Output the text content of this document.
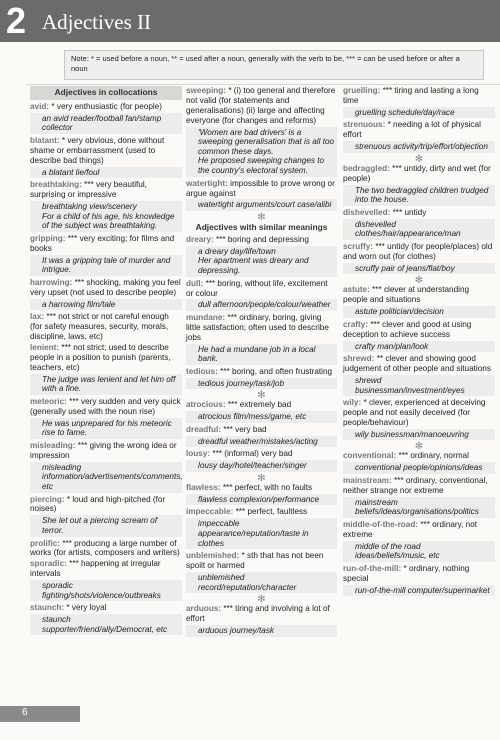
2 Adjectives II
Note: * = used before a noun, ** = used after a noun, generally with the verb to be, *** = can be used before or after a noun
Adjectives in collocations
avid: * very enthusiastic (for people)
an avid reader/football fan/stamp collector
blatant: * very obvious, done without shame or embarrassment (used to describe bad things)
a blatant lie/foul
breathtaking: *** very beautiful, surprising or impressive
breathtaking view/scenery
For a child of his age, his knowledge of the subject was breathtaking.
gripping: *** very exciting; for films and books
It was a gripping tale of murder and intrigue.
harrowing: *** shocking, making you feel very upset (not used to describe people)
a harrowing film/tale
lax: *** not strict or not careful enough (for safety measures, security, morals, discipline, laws, etc)
lenient: *** not strict; used to describe people in a position to punish (parents, teachers, etc)
The judge was lenient and let him off with a fine.
meteoric: *** very sudden and very quick (generally used with the noun rise)
He was unprepared for his meteoric rise to fame.
misleading: *** giving the wrong idea or impression
misleading information/advertisements/comments, etc
piercing: * loud and high-pitched (for noises)
She let out a piercing scream of terror.
prolific: *** producing a large number of works (for artists, composers and writers)
sporadic: *** happening at irregular intervals
sporadic fighting/shots/violence/outbreaks
staunch: * very loyal
staunch supporter/friend/ally/Democrat, etc
sweeping: * (i) too general and therefore not valid (for statements and generalisations) (ii) large and affecting everyone (for changes and reforms)
'Women are bad drivers' is a sweeping generalisation that is all too common these days.
He proposed sweeping changes to the country's electoral system.
watertight: impossible to prove wrong or argue against
watertight arguments/court case/alibi
✻
Adjectives with similar meanings
dreary: *** boring and depressing
a dreary day/life/town
Her apartment was dreary and depressing.
dull: *** boring, without life, excitement or colour
dull afternoon/people/colour/weather
mundane: *** ordinary, boring, giving little satisfaction; often used to describe jobs
He had a mundane job in a local bank.
tedious: *** boring, and often frustrating
tedious journey/task/job
✻
atrocious: *** extremely bad
atrocious film/mess/game, etc
dreadful: *** very bad
dreadful weather/mistakes/acting
lousy: *** (informal) very bad
lousy day/hotel/teacher/singer
✻
flawless: *** perfect, with no faults
flawless complexion/performance
impeccable: *** perfect, faultless
impeccable appearance/reputation/taste in clothes
unblemished: * sth that has not been spoilt or harmed
unblemished record/reputation/character
✻
arduous: *** tiring and involving a lot of effort
arduous journey/task
gruelling: *** tiring and lasting a long time
gruelling schedule/day/race
strenuous: * needing a lot of physical effort
strenuous activity/trip/effort/objection
✻
bedraggled: *** untidy, dirty and wet (for people)
The two bedraggled children trudged into the house.
dishevelled: *** untidy
dishevelled clothes/hair/appearance/man
scruffy: *** untidy (for people/places) old and worn out (for clothes)
scruffy pair of jeans/flat/boy
✻
astute: *** clever at understanding people and situations
astute politician/decision
crafty: *** clever and good at using deception to achieve success
crafty man/plan/look
shrewd: ** clever and showing good judgement of other people and situations
shrewd businessman/investment/eyes
wily: * clever, experienced at deceiving people and not easily deceived (for people/behaviour)
wily businessman/manoeuvring
✻
conventional: *** ordinary, normal
conventional people/opinions/ideas
mainstream: *** ordinary, conventional, neither strange nor extreme
mainstream beliefs/ideas/organisations/politics
middle-of-the-road: *** ordinary, not extreme
middle of the road ideas/beliefs/music, etc
run-of-the-mill: * ordinary, nothing special
run-of-the-mill computer/supermarket
6
